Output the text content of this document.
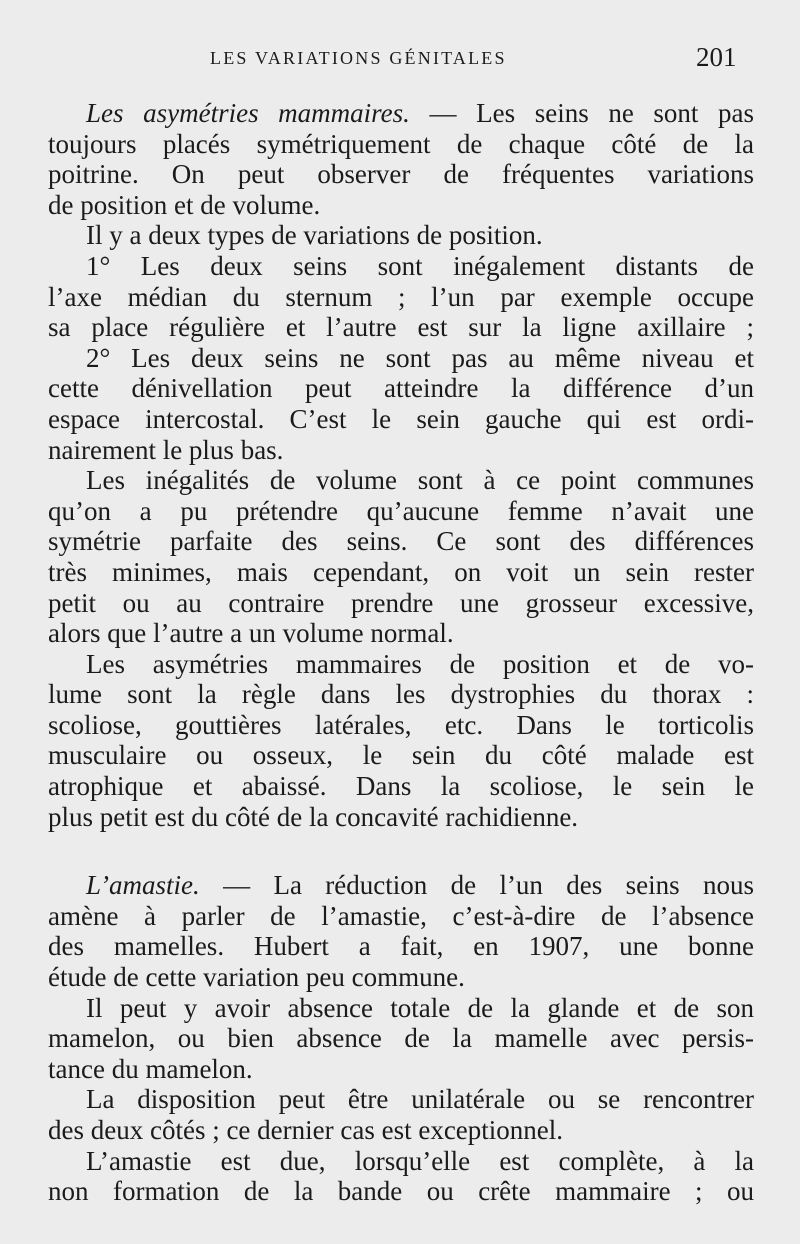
LES VARIATIONS GÉNITALES	201
Les asymétries mammaires. — Les seins ne sont pas
toujours placés symétriquement de chaque côté de la
poitrine. On peut observer de fréquentes variations
de position et de volume.
Il y a deux types de variations de position.
1° Les deux seins sont inégalement distants de
l’axe médian du sternum ; l’un par exemple occupe
sa place régulière et l’autre est sur la ligne axillaire ;
2° Les deux seins ne sont pas au même niveau et
cette dénivellation peut atteindre la différence d’un
espace intercostal. C’est le sein gauche qui est ordi-
nairement le plus bas.
Les inégalités de volume sont à ce point communes
qu’on a pu prétendre qu’aucune femme n’avait une
symétrie parfaite des seins. Ce sont des différences
très minimes, mais cependant, on voit un sein rester
petit ou au contraire prendre une grosseur excessive,
alors que l’autre a un volume normal.
Les asymétries mammaires de position et de vo-
lume sont la règle dans les dystrophies du thorax :
scoliose, gouttières latérales, etc. Dans le torticolis
musculaire ou osseux, le sein du côté malade est
atrophique et abaissé. Dans la scoliose, le sein le
plus petit est du côté de la concavité rachidienne.
L’amastie. — La réduction de l’un des seins nous
amène à parler de l’amastie, c’est-à-dire de l’absence
des mamelles. Hubert a fait, en 1907, une bonne
étude de cette variation peu commune.
Il peut y avoir absence totale de la glande et de son
mamelon, ou bien absence de la mamelle avec persis-
tance du mamelon.
La disposition peut être unilatérale ou se rencontrer
des deux côtés ; ce dernier cas est exceptionnel.
L’amastie est due, lorsqu’elle est complète, à la
non formation de la bande ou crête mammaire ; ou
